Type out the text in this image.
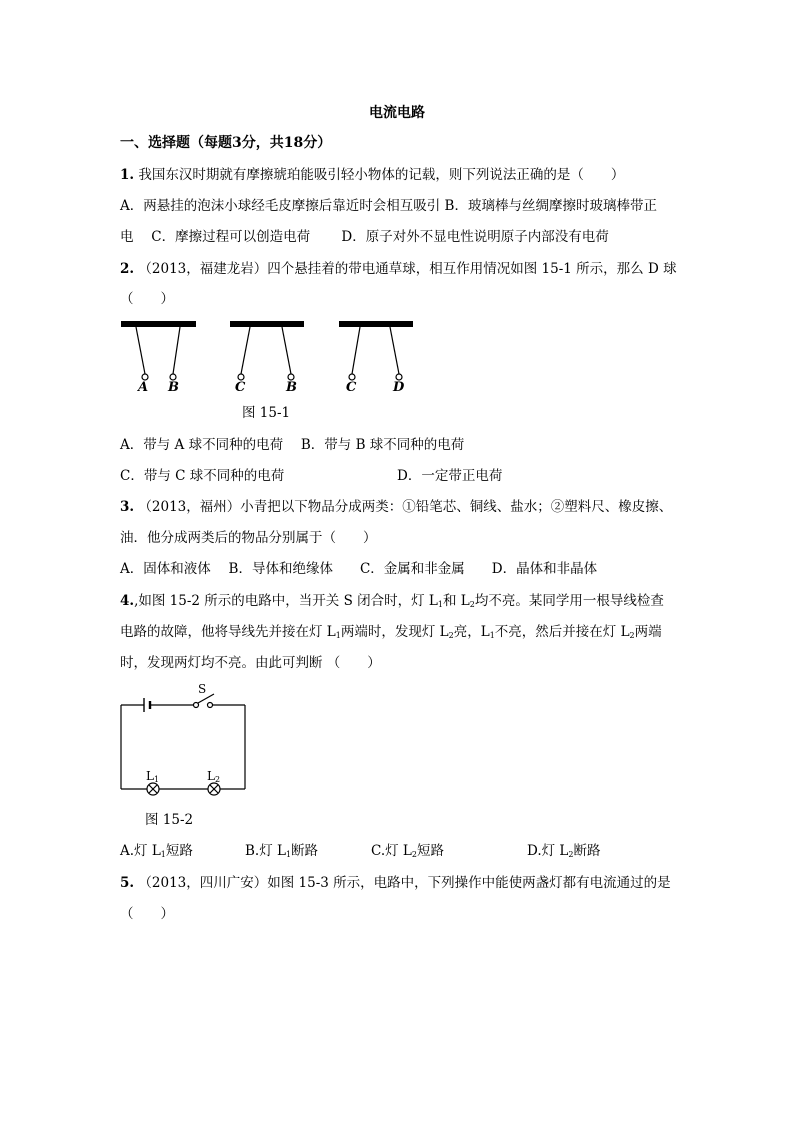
电流电路
一、选择题（每题3分，共18分）
1. 我国东汉时期就有摩擦琥珀能吸引轻小物体的记载，则下列说法正确的是（　　）
A．两悬挂的泡沫小球经毛皮摩擦后靠近时会相互吸引 B．玻璃棒与丝绸摩擦时玻璃棒带正
电　 C．摩擦过程可以创造电荷　　 D．原子对外不显电性说明原子内部没有电荷
2. （2013，福建龙岩）四个悬挂着的带电通草球，相互作用情况如图 15-1 所示，那么 D 球
（　　）
A B	C	B	C	D
图 15-1
A．带与 A 球不同种的电荷　 B．带与 B 球不同种的电荷
C．带与 C 球不同种的电荷	D．一定带正电荷
3. （2013，福州）小青把以下物品分成两类：①铅笔芯、铜线、盐水；②塑料尺、橡皮擦、
油．他分成两类后的物品分别属于（　　）
A．固体和液体　 B．导体和绝缘体　　C．金属和非金属　　D．晶体和非晶体
4.,如图 15-2 所示的电路中，当开关 S 闭合时，灯 $L_1$和 $L_2$均不亮。某同学用一根导线检查
电路的故障，他将导线先并接在灯 $L_1$两端时，发现灯 $L_2$亮，$L_1$不亮，然后并接在灯 $L_2$两端
时，发现两灯均不亮。由此可判断 （　　）
S
$L_1$	$L_2$
图 15-2
A.灯 $L_1$短路	B.灯 $L_1$断路	C.灯 $L_2$短路	D.灯 $L_2$断路
5. （2013，四川广安）如图 15-3 所示，电路中，下列操作中能使两盏灯都有电流通过的是
（　　）
